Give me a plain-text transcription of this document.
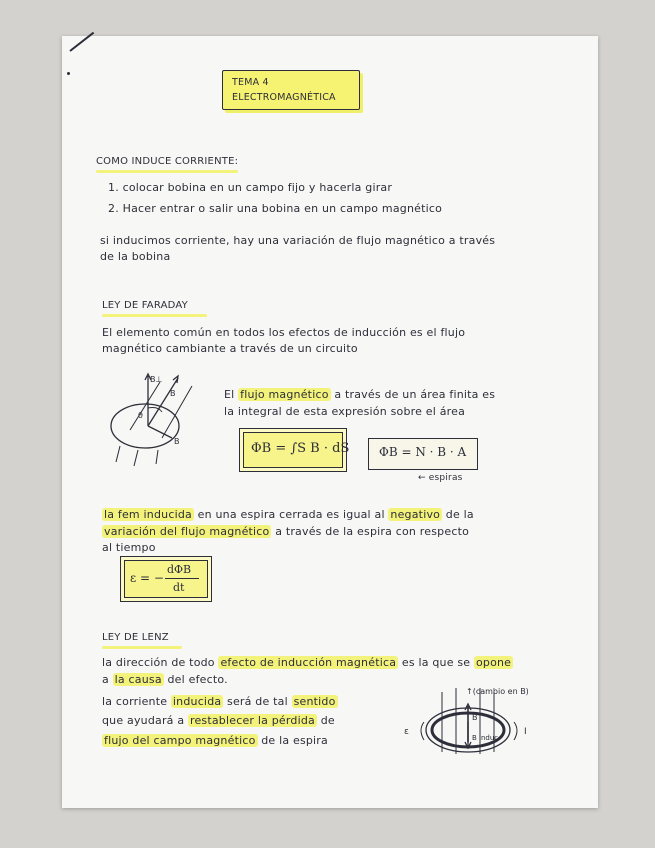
TEMA 4
ELECTROMAGNÉTICA
COMO INDUCE CORRIENTE:
1. colocar bobina en un campo fijo y hacerla girar
2. Hacer entrar o salir una bobina en un campo magnético
si inducimos corriente, hay una variación de flujo magnético a través
de la bobina
LEY DE FARADAY
El elemento común en todos los efectos de inducción es el flujo
magnético cambiante a través de un circuito
B⊥
B
θ
B
El flujo magnético a través de un área finita es
la integral de esta expresión sobre el área
ΦB = ∫S B · dS ΦB = N · B · A
← espiras
la fem inducida en una espira cerrada es igual al negativo de la
variación del flujo magnético a través de la espira con respecto
al tiempo
ε = −
dΦB
dt
LEY DE LENZ
la dirección de todo efecto de inducción magnética es la que se opone
a la causa del efecto.
la corriente inducida será de tal sentido
que ayudará a restablecer la pérdida de
flujo del campo magnético de la espira
↑(cambio en B)
B
B induc
ε	I
